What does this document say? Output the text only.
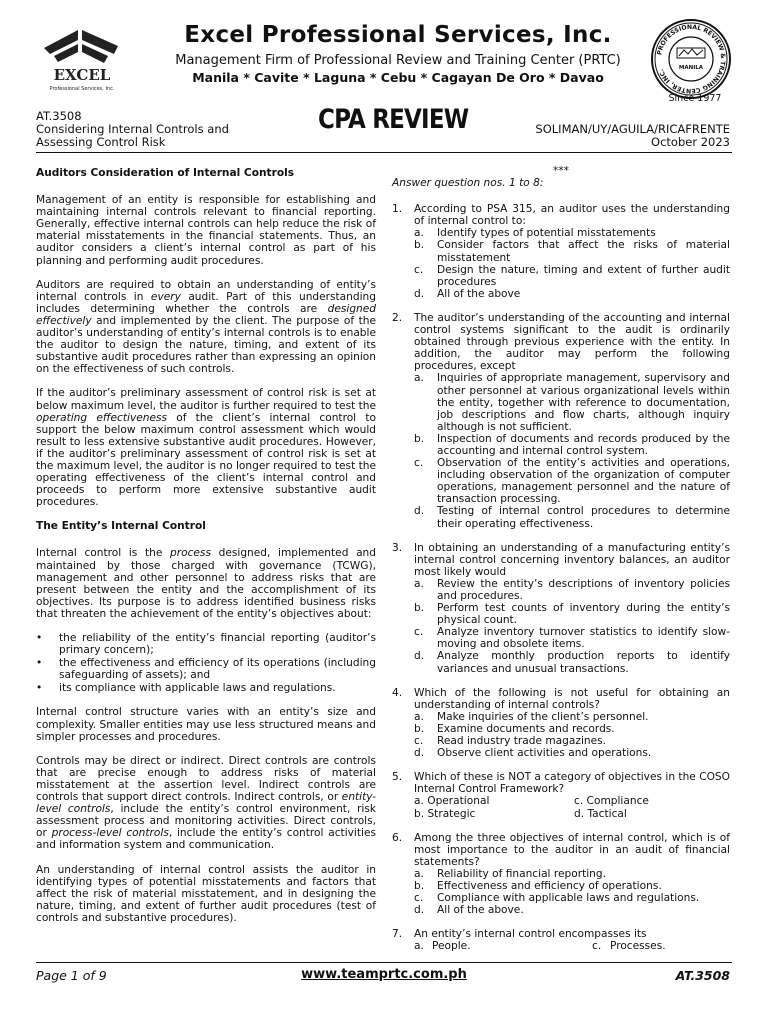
EXCEL
Professional Services, Inc.
Excel Professional Services, Inc.
Management Firm of Professional Review and Training Center (PRTC)
Manila * Cavite * Laguna * Cebu * Cagayan De Oro * Davao
PROFESSIONAL REVIEW & TRAINING CENTER, INC.	MANILA
Since 1977
AT.3508
Considering Internal Controls and
Assessing Control Risk
CPA REVIEW	SOLIMAN/UY/AGUILA/RICAFRENTE
October 2023

Auditors Consideration of Internal Controls

Management of an entity is responsible for establishing and maintaining internal controls relevant to financial reporting. Generally, effective internal controls can help reduce the risk of material misstatements in the financial statements. Thus, an auditor considers a client’s internal control as part of his planning and performing audit procedures.

Auditors are required to obtain an understanding of entity’s internal controls in every audit. Part of this understanding includes determining whether the controls are designed effectively and implemented by the client. The purpose of the auditor’s understanding of entity’s internal controls is to enable the auditor to design the nature, timing, and extent of its substantive audit procedures rather than expressing an opinion on the effectiveness of such controls.

If the auditor’s preliminary assessment of control risk is set at below maximum level, the auditor is further required to test the operating effectiveness of the client’s internal control to support the below maximum control assessment which would result to less extensive substantive audit procedures. However, if the auditor’s preliminary assessment of control risk is set at the maximum level, the auditor is no longer required to test the operating effectiveness of the client’s internal control and proceeds to perform more extensive substantive audit procedures.

The Entity’s Internal Control

Internal control is the process designed, implemented and maintained by those charged with governance (TCWG), management and other personnel to address risks that are present between the entity and the accomplishment of its objectives. Its purpose is to address identified business risks that threaten the achievement of the entity’s objectives about:

• the reliability of the entity’s financial reporting (auditor’s primary concern);
• the effectiveness and efficiency of its operations (including safeguarding of assets); and
• its compliance with applicable laws and regulations.

Internal control structure varies with an entity’s size and complexity. Smaller entities may use less structured means and simpler processes and procedures.

Controls may be direct or indirect. Direct controls are controls that are precise enough to address risks of material misstatement at the assertion level. Indirect controls are controls that support direct controls. Indirect controls, or entity-level controls, include the entity’s control environment, risk assessment process and monitoring activities. Direct controls, or process-level controls, include the entity’s control activities and information system and communication.

An understanding of internal control assists the auditor in identifying types of potential misstatements and factors that affect the risk of material misstatement, and in designing the nature, timing, and extent of further audit procedures (test of controls and substantive procedures).

***

Answer question nos. 1 to 8:

1. According to PSA 315, an auditor uses the understanding of internal control to:
a. Identify types of potential misstatements
b. Consider factors that affect the risks of material misstatement
c. Design the nature, timing and extent of further audit procedures
d. All of the above
2. The auditor’s understanding of the accounting and internal control systems significant to the audit is ordinarily obtained through previous experience with the entity. In addition, the auditor may perform the following procedures, except
a. Inquiries of appropriate management, supervisory and other personnel at various organizational levels within the entity, together with reference to documentation, job descriptions and flow charts, although inquiry although is not sufficient.
b. Inspection of documents and records produced by the accounting and internal control system.
c. Observation of the entity’s activities and operations, including observation of the organization of computer operations, management personnel and the nature of transaction processing.
d. Testing of internal control procedures to determine their operating effectiveness.
3. In obtaining an understanding of a manufacturing entity’s internal control concerning inventory balances, an auditor most likely would
a. Review the entity’s descriptions of inventory policies and procedures.
b. Perform test counts of inventory during the entity’s physical count.
c. Analyze inventory turnover statistics to identify slow-moving and obsolete items.
d. Analyze monthly production reports to identify variances and unusual transactions.
4. Which of the following is not useful for obtaining an understanding of internal controls?
a. Make inquiries of the client’s personnel.
b. Examine documents and records.
c. Read industry trade magazines.
d. Observe client activities and operations.
5. Which of these is NOT a category of objectives in the COSO Internal Control Framework?
a. Operational	c. Compliance
b. Strategic	d. Tactical
6. Among the three objectives of internal control, which is of most importance to the auditor in an audit of financial statements?
a. Reliability of financial reporting.
b. Effectiveness and efficiency of operations.
c. Compliance with applicable laws and regulations.
d. All of the above.
7. An entity’s internal control encompasses its
a. People.	c. Processes.
Page 1 of 9	www.teamprtc.com.ph	AT.3508
